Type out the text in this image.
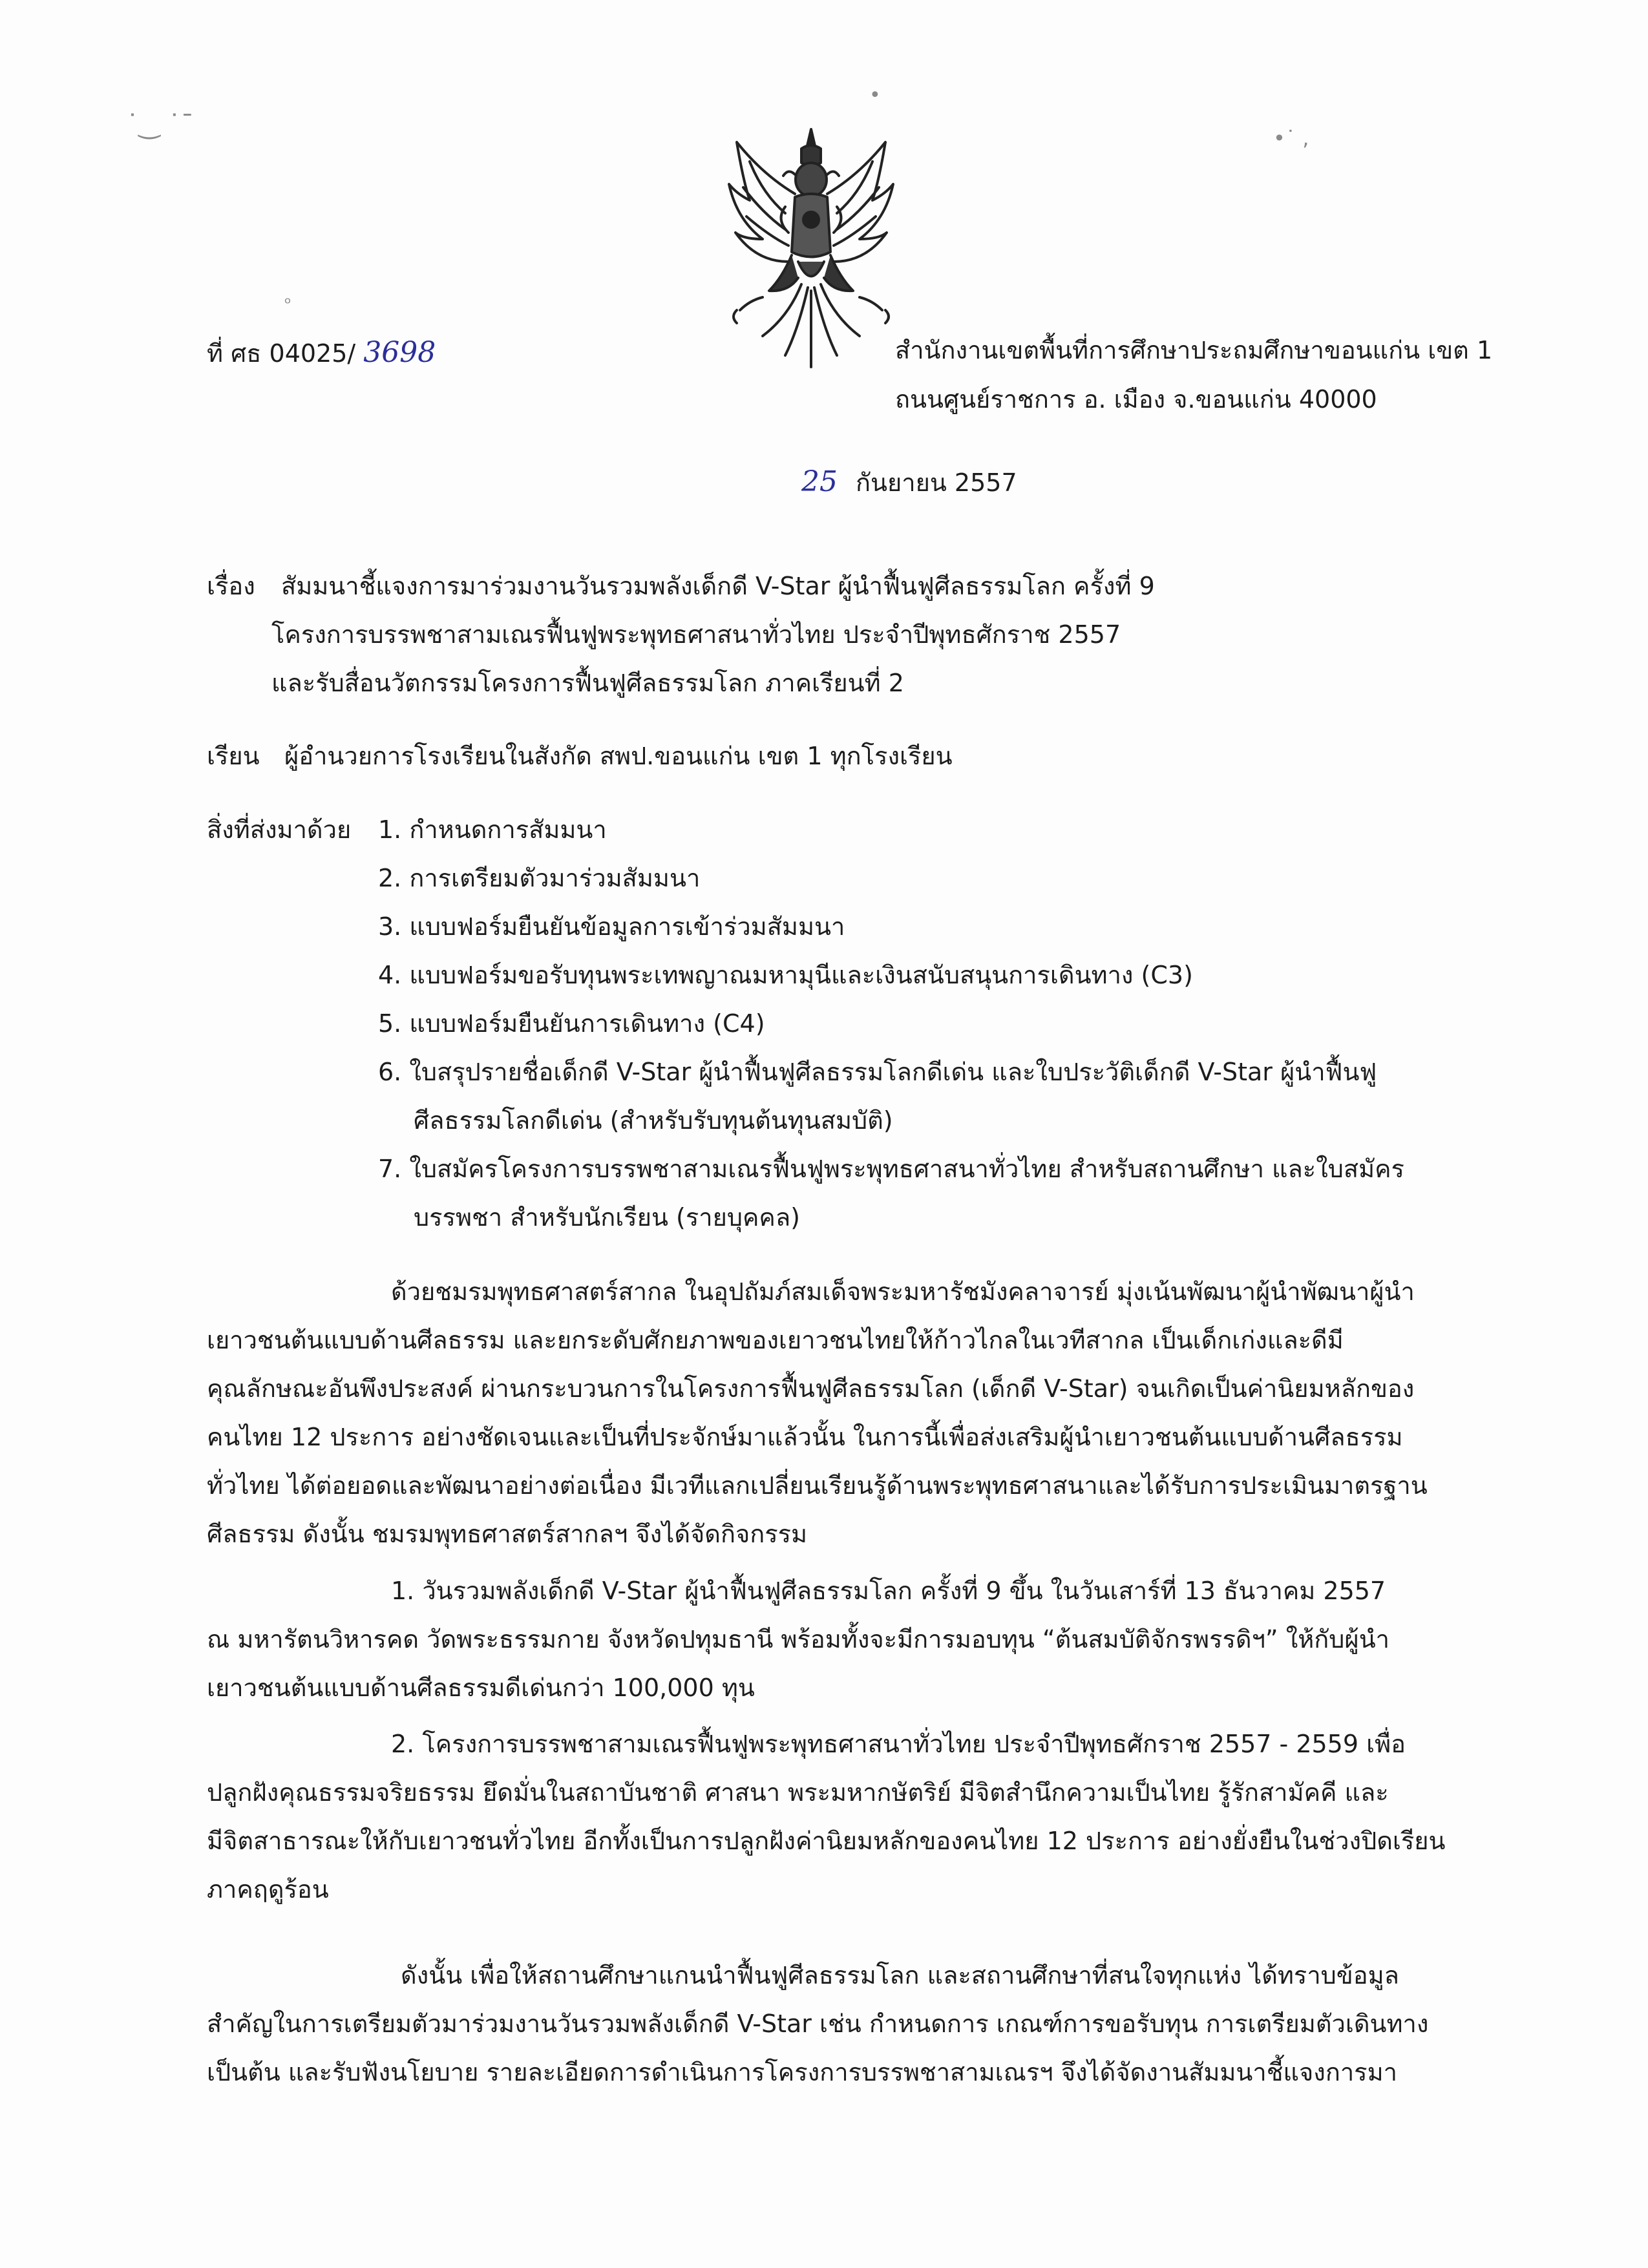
˙‿ ˙ˉ
•
•˙ ‚
ᵒ
ที่ ศธ 04025/ 3698	สำนักงานเขตพื้นที่การศึกษาประถมศึกษาขอนแก่น เขต 1
ถนนศูนย์ราชการ อ. เมือง จ.ขอนแก่น 40000
25 กันยายน 2557
เรื่อง สัมมนาชี้แจงการมาร่วมงานวันรวมพลังเด็กดี V-Star ผู้นำฟื้นฟูศีลธรรมโลก ครั้งที่ 9
โครงการบรรพชาสามเณรฟื้นฟูพระพุทธศาสนาทั่วไทย ประจำปีพุทธศักราช 2557
และรับสื่อนวัตกรรมโครงการฟื้นฟูศีลธรรมโลก ภาคเรียนที่ 2
เรียน ผู้อำนวยการโรงเรียนในสังกัด สพป.ขอนแก่น เขต 1 ทุกโรงเรียน
สิ่งที่ส่งมาด้วย 1. กำหนดการสัมมนา
2. การเตรียมตัวมาร่วมสัมมนา
3. แบบฟอร์มยืนยันข้อมูลการเข้าร่วมสัมมนา
4. แบบฟอร์มขอรับทุนพระเทพญาณมหามุนีและเงินสนับสนุนการเดินทาง (C3)
5. แบบฟอร์มยืนยันการเดินทาง (C4)
6. ใบสรุปรายชื่อเด็กดี V-Star ผู้นำฟื้นฟูศีลธรรมโลกดีเด่น และใบประวัติเด็กดี V-Star ผู้นำฟื้นฟู
ศีลธรรมโลกดีเด่น (สำหรับรับทุนต้นทุนสมบัติ)
7. ใบสมัครโครงการบรรพชาสามเณรฟื้นฟูพระพุทธศาสนาทั่วไทย สำหรับสถานศึกษา และใบสมัคร
บรรพชา สำหรับนักเรียน (รายบุคคล)
ด้วยชมรมพุทธศาสตร์สากล ในอุปถัมภ์สมเด็จพระมหารัชมังคลาจารย์ มุ่งเน้นพัฒนาผู้นำพัฒนาผู้นำ
เยาวชนต้นแบบด้านศีลธรรม และยกระดับศักยภาพของเยาวชนไทยให้ก้าวไกลในเวทีสากล เป็นเด็กเก่งและดีมี
คุณลักษณะอันพึงประสงค์ ผ่านกระบวนการในโครงการฟื้นฟูศีลธรรมโลก (เด็กดี V-Star) จนเกิดเป็นค่านิยมหลักของ
คนไทย 12 ประการ อย่างชัดเจนและเป็นที่ประจักษ์มาแล้วนั้น ในการนี้เพื่อส่งเสริมผู้นำเยาวชนต้นแบบด้านศีลธรรม
ทั่วไทย ได้ต่อยอดและพัฒนาอย่างต่อเนื่อง มีเวทีแลกเปลี่ยนเรียนรู้ด้านพระพุทธศาสนาและได้รับการประเมินมาตรฐาน
ศีลธรรม ดังนั้น ชมรมพุทธศาสตร์สากลฯ จึงได้จัดกิจกรรม
1. วันรวมพลังเด็กดี V-Star ผู้นำฟื้นฟูศีลธรรมโลก ครั้งที่ 9 ขึ้น ในวันเสาร์ที่ 13 ธันวาคม 2557
ณ มหารัตนวิหารคด วัดพระธรรมกาย จังหวัดปทุมธานี พร้อมทั้งจะมีการมอบทุน “ต้นสมบัติจักรพรรดิฯ” ให้กับผู้นำ
เยาวชนต้นแบบด้านศีลธรรมดีเด่นกว่า 100,000 ทุน
2. โครงการบรรพชาสามเณรฟื้นฟูพระพุทธศาสนาทั่วไทย ประจำปีพุทธศักราช 2557 - 2559 เพื่อ
ปลูกฝังคุณธรรมจริยธรรม ยึดมั่นในสถาบันชาติ ศาสนา พระมหากษัตริย์ มีจิตสำนึกความเป็นไทย รู้รักสามัคคี และ
มีจิตสาธารณะให้กับเยาวชนทั่วไทย อีกทั้งเป็นการปลูกฝังค่านิยมหลักของคนไทย 12 ประการ อย่างยั่งยืนในช่วงปิดเรียน
ภาคฤดูร้อน
ดังนั้น เพื่อให้สถานศึกษาแกนนำฟื้นฟูศีลธรรมโลก และสถานศึกษาที่สนใจทุกแห่ง ได้ทราบข้อมูล
สำคัญในการเตรียมตัวมาร่วมงานวันรวมพลังเด็กดี V-Star เช่น กำหนดการ เกณฑ์การขอรับทุน การเตรียมตัวเดินทาง
เป็นต้น และรับฟังนโยบาย รายละเอียดการดำเนินการโครงการบรรพชาสามเณรฯ จึงได้จัดงานสัมมนาชี้แจงการมา
